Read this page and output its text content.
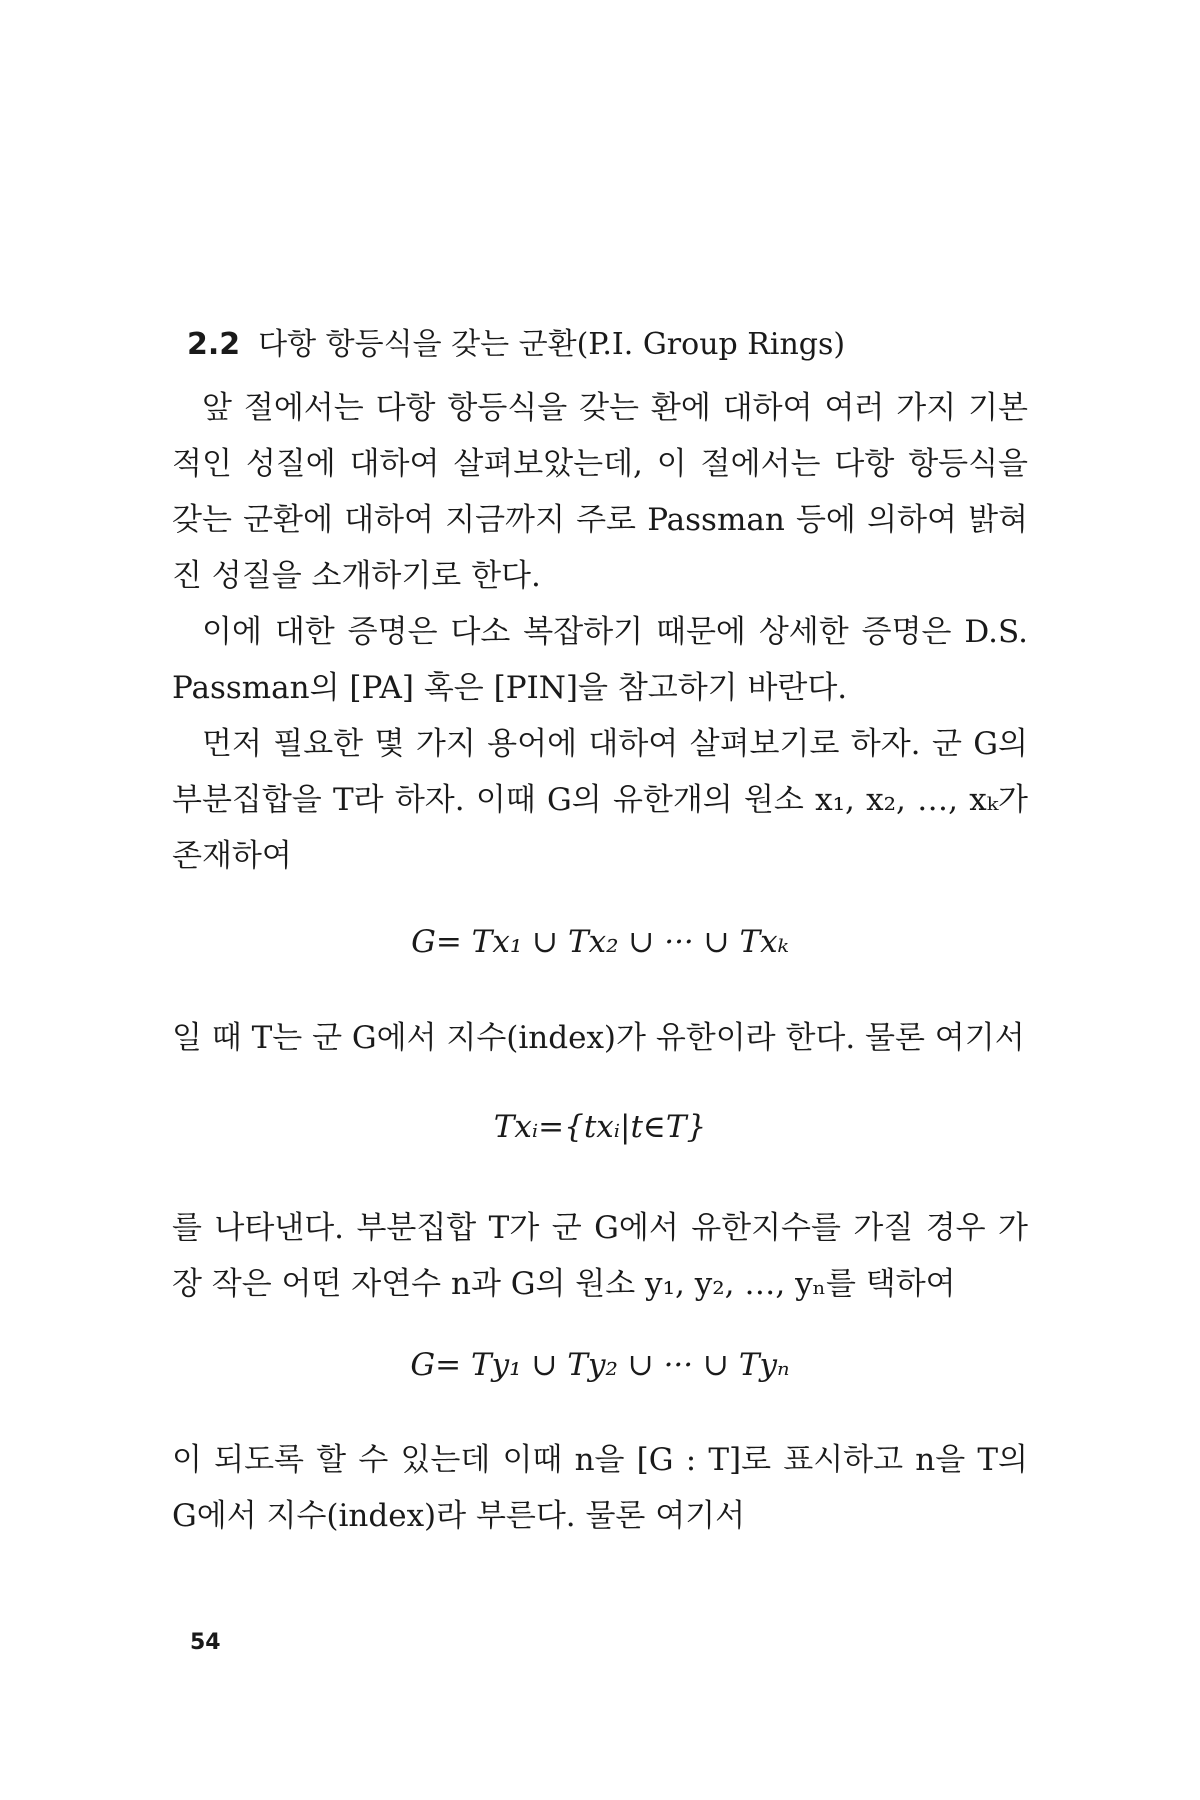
2.2 다항 항등식을 갖는 군환(P.I. Group Rings)

앞 절에서는 다항 항등식을 갖는 환에 대하여 여러 가지 기본적인 성질에 대하여 살펴보았는데, 이 절에서는 다항 항등식을 갖는 군환에 대하여 지금까지 주로 Passman 등에 의하여 밝혀진 성질을 소개하기로 한다.

이에 대한 증명은 다소 복잡하기 때문에 상세한 증명은 D.S. Passman의 [PA] 혹은 [PIN]을 참고하기 바란다.

먼저 필요한 몇 가지 용어에 대하여 살펴보기로 하자. 군 G의 부분집합을 T라 하자. 이때 G의 유한개의 원소 x₁, x₂, …, xₖ가 존재하여

G= Tx₁ ∪ Tx₂ ∪ ··· ∪ Txₖ

일 때 T는 군 G에서 지수(index)가 유한이라 한다. 물론 여기서

Txᵢ={txᵢ|t∈T}

를 나타낸다. 부분집합 T가 군 G에서 유한지수를 가질 경우 가장 작은 어떤 자연수 n과 G의 원소 y₁, y₂, …, yₙ를 택하여

G= Ty₁ ∪ Ty₂ ∪ ··· ∪ Tyₙ

이 되도록 할 수 있는데 이때 n을 [G : T]로 표시하고 n을 T의 G에서 지수(index)라 부른다. 물론 여기서

54
